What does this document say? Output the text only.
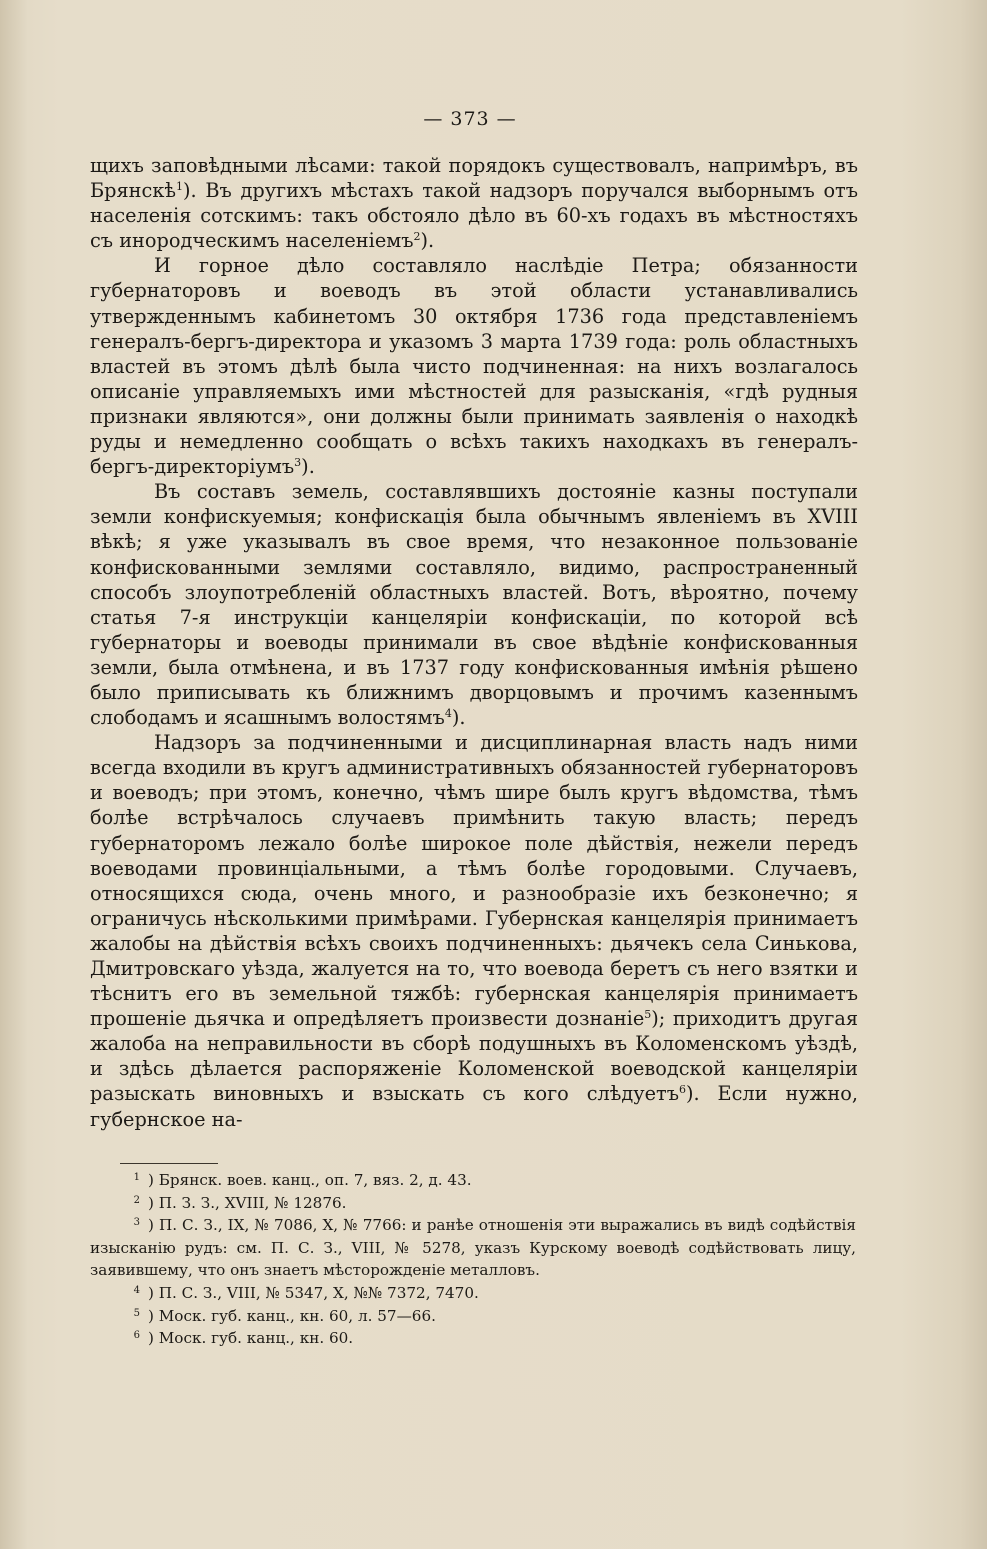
— 373 —

щихъ заповѣдными лѣсами: такой порядокъ существовалъ, напримѣръ, въ Брянскѣ$^1$). Въ другихъ мѣстахъ такой надзоръ поручался выборнымъ отъ населенія сотскимъ: такъ обстояло дѣло въ 60-хъ годахъ въ мѣстностяхъ съ инородческимъ населеніемъ$^2$).

И горное дѣло составляло наслѣдіе Петра; обязанности губернаторовъ и воеводъ въ этой области устанавливались утвержденнымъ кабинетомъ 30 октября 1736 года представленіемъ генералъ-бергъ-директора и указомъ 3 марта 1739 года: роль областныхъ властей въ этомъ дѣлѣ была чисто подчиненная: на нихъ возлагалось описаніе управляемыхъ ими мѣстностей для разысканія, «гдѣ рудныя признаки являются», они должны были принимать заявленія о находкѣ руды и немедленно сообщать о всѣхъ такихъ находкахъ въ генералъ-бергъ-директоріумъ$^3$).

Въ составъ земель, составлявшихъ достояніе казны поступали земли конфискуемыя; конфискація была обычнымъ явленіемъ въ XVIII вѣкѣ; я уже указывалъ въ свое время, что незаконное пользованіе конфискованными землями составляло, видимо, распространенный способъ злоупотребленій областныхъ властей. Вотъ, вѣроятно, почему статья 7-я инструкціи канцеляріи конфискаціи, по которой всѣ губернаторы и воеводы принимали въ свое вѣдѣніе конфискованныя земли, была отмѣнена, и въ 1737 году конфискованныя имѣнія рѣшено было приписывать къ ближнимъ дворцовымъ и прочимъ казеннымъ слободамъ и ясашнымъ волостямъ$^4$).

Надзоръ за подчиненными и дисциплинарная власть надъ ними всегда входили въ кругъ административныхъ обязанностей губернаторовъ и воеводъ; при этомъ, конечно, чѣмъ шире былъ кругъ вѣдомства, тѣмъ болѣе встрѣчалось случаевъ примѣнить такую власть; передъ губернаторомъ лежало болѣе широкое поле дѣйствія, нежели передъ воеводами провинціальными, а тѣмъ болѣе городовыми. Случаевъ, относящихся сюда, очень много, и разнообразіе ихъ безконечно; я ограничусь нѣсколькими примѣрами. Губернская канцелярія принимаетъ жалобы на дѣйствія всѣхъ своихъ подчиненныхъ: дьячекъ села Синькова, Дмитровскаго уѣзда, жалуется на то, что воевода беретъ съ него взятки и тѣснитъ его въ земельной тяжбѣ: губернская канцелярія принимаетъ прошеніе дьячка и опредѣляетъ произвести дознаніе$^5$); приходитъ другая жалоба на неправильности въ сборѣ подушныхъ въ Коломенскомъ уѣздѣ, и здѣсь дѣлается распоряженіе Коломенской воеводской канцеляріи разыскать виновныхъ и взыскать съ кого слѣдуетъ$^6$). Если нужно, губернское на-

$^1$ ) Брянск. воев. канц., оп. 7, вяз. 2, д. 43.

$^2$ ) П. З. З., XVIII, № 12876.

$^3$ ) П. С. З., IX, № 7086, X, № 7766: и ранѣе отношенія эти выражались въ видѣ содѣйствія изысканію рудъ: см. П. С. З., VIII, № 5278, указъ Курскому воеводѣ содѣйствовать лицу, заявившему, что онъ знаетъ мѣсторожденіе металловъ.

$^4$ ) П. С. З., VIII, № 5347, X, №№ 7372, 7470.

$^5$ ) Моск. губ. канц., кн. 60, л. 57—66.

$^6$ ) Моск. губ. канц., кн. 60.
